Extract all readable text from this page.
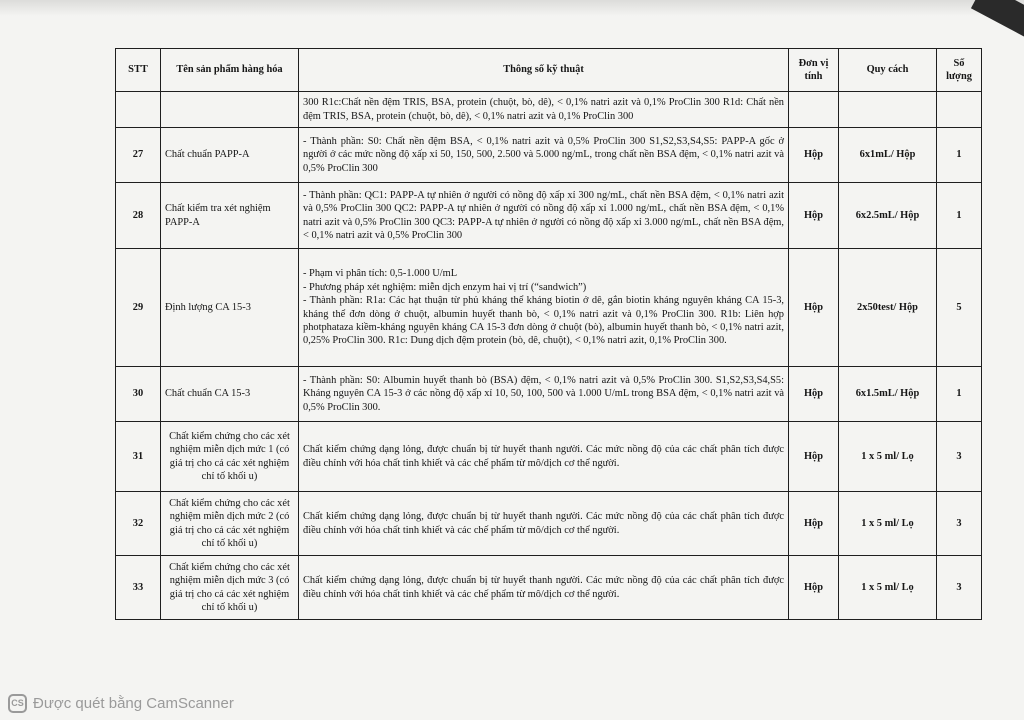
STT	Tên sản phẩm hàng hóa	Thông số kỹ thuật	Đơn vị tính	Quy cách	Số lượng
		300 R1c:Chất nền đệm TRIS, BSA, protein (chuột, bò, dê), < 0,1% natri azit và 0,1% ProClin 300 R1d: Chất nền đệm TRIS, BSA, protein (chuột, bò, dê), < 0,1% natri azit và 0,1% ProClin 300			
27	Chất chuẩn PAPP-A	- Thành phần: S0: Chất nền đệm BSA, < 0,1% natri azit và 0,5% ProClin 300 S1,S2,S3,S4,S5: PAPP-A gốc ở người ở các mức nồng độ xấp xỉ 50, 150, 500, 2.500 và 5.000 ng/mL, trong chất nền BSA đệm, < 0,1% natri azit và 0,5% ProClin 300	Hộp	6x1mL/ Hộp	1
28	Chất kiểm tra xét nghiệm PAPP-A	- Thành phần: QC1: PAPP-A tự nhiên ở người có nồng độ xấp xỉ 300 ng/mL, chất nền BSA đệm, < 0,1% natri azit và 0,5% ProClin 300 QC2: PAPP-A tự nhiên ở người có nồng độ xấp xỉ 1.000 ng/mL, chất nền BSA đệm, < 0,1% natri azit và 0,5% ProClin 300 QC3: PAPP-A tự nhiên ở người có nồng độ xấp xỉ 3.000 ng/mL, chất nền BSA đệm, < 0,1% natri azit và 0,5% ProClin 300	Hộp	6x2.5mL/ Hộp	1
29	Định lượng CA 15-3	- Phạm vi phân tích: 0,5-1.000 U/mL
- Phương pháp xét nghiệm: miễn dịch enzym hai vị trí (“sandwich”)
- Thành phần: R1a: Các hạt thuận từ phủ kháng thể kháng biotin ở dê, gắn biotin kháng nguyên kháng CA 15-3, kháng thể đơn dòng ở chuột, albumin huyết thanh bò, < 0,1% natri azit và 0,1% ProClin 300. R1b: Liên hợp photphataza kiềm-kháng nguyên kháng CA 15-3 đơn dòng ở chuột (bò), albumin huyết thanh bò, < 0,1% natri azit, 0,25% ProClin 300. R1c: Dung dịch đệm protein (bò, dê, chuột), < 0,1% natri azit, 0,1% ProClin 300.	Hộp	2x50test/ Hộp	5
30	Chất chuẩn CA 15-3	- Thành phần: S0: Albumin huyết thanh bò (BSA) đệm, < 0,1% natri azit và 0,5% ProClin 300. S1,S2,S3,S4,S5: Kháng nguyên CA 15-3 ở các nồng độ xấp xỉ 10, 50, 100, 500 và 1.000 U/mL trong BSA đệm, < 0,1% natri azit và 0,5% ProClin 300.	Hộp	6x1.5mL/ Hộp	1
31	Chất kiểm chứng cho các xét nghiệm miễn dịch mức 1 (có giá trị cho cả các xét nghiệm chỉ tố khối u)	Chất kiểm chứng dạng lỏng, được chuẩn bị từ huyết thanh người. Các mức nồng độ của các chất phân tích được điều chỉnh với hóa chất tinh khiết và các chế phẩm từ mô/dịch cơ thể người.	Hộp	1 x 5 ml/ Lọ	3
32	Chất kiểm chứng cho các xét nghiệm miễn dịch mức 2 (có giá trị cho cả các xét nghiệm chỉ tố khối u)	Chất kiểm chứng dạng lỏng, được chuẩn bị từ huyết thanh người. Các mức nồng độ của các chất phân tích được điều chỉnh với hóa chất tinh khiết và các chế phẩm từ mô/dịch cơ thể người.	Hộp	1 x 5 ml/ Lọ	3
33	Chất kiểm chứng cho các xét nghiệm miễn dịch mức 3 (có giá trị cho cả các xét nghiệm chỉ tố khối u)	Chất kiểm chứng dạng lỏng, được chuẩn bị từ huyết thanh người. Các mức nồng độ của các chất phân tích được điều chỉnh với hóa chất tinh khiết và các chế phẩm từ mô/dịch cơ thể người.	Hộp	1 x 5 ml/ Lọ	3
CS Được quét bằng CamScanner
